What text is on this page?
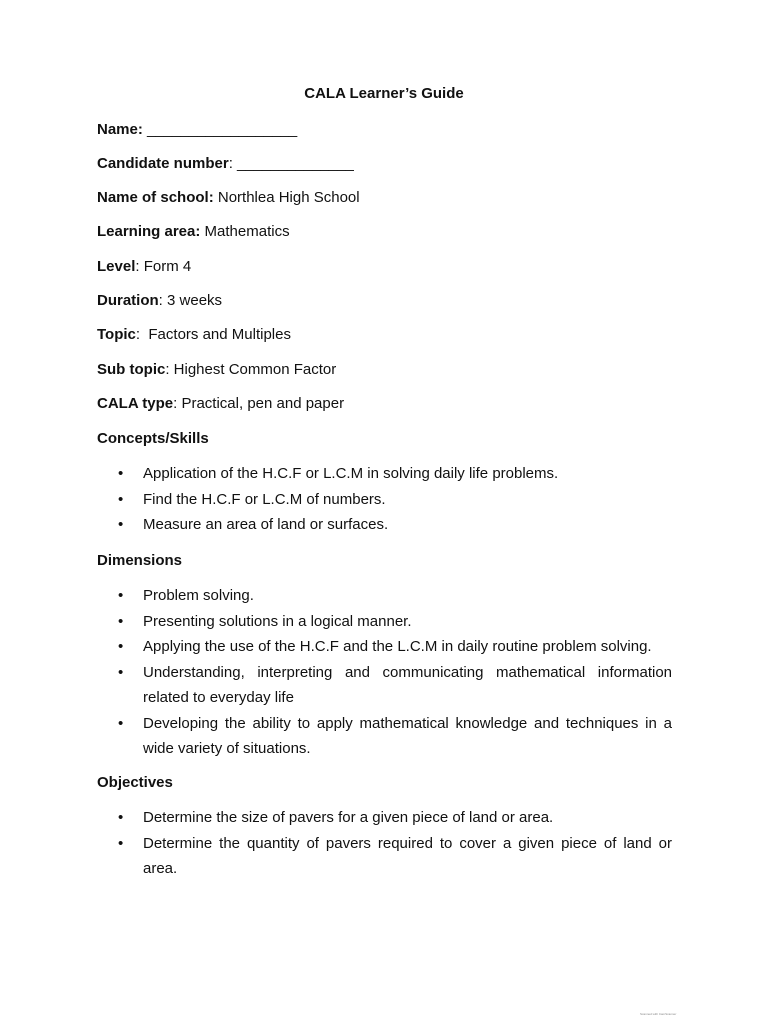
CALA Learner’s Guide
Name: __________________
Candidate number: ______________
Name of school: Northlea High School
Learning area: Mathematics
Level: Form 4
Duration: 3 weeks
Topic:  Factors and Multiples
Sub topic: Highest Common Factor
CALA type: Practical, pen and paper
Concepts/Skills
• Application of the H.C.F or L.C.M in solving daily life problems.
• Find the H.C.F or L.C.M of numbers.
• Measure an area of land or surfaces.
Dimensions
• Problem solving.
• Presenting solutions in a logical manner.
• Applying the use of the H.C.F and the L.C.M in daily routine problem solving.
• Understanding, interpreting and communicating mathematical information related to everyday life
• Developing the ability to apply mathematical knowledge and techniques in a wide variety of situations.
Objectives
• Determine the size of pavers for a given piece of land or area.
• Determine the quantity of pavers required to cover a given piece of land or area.
Scanned with CamScanner
